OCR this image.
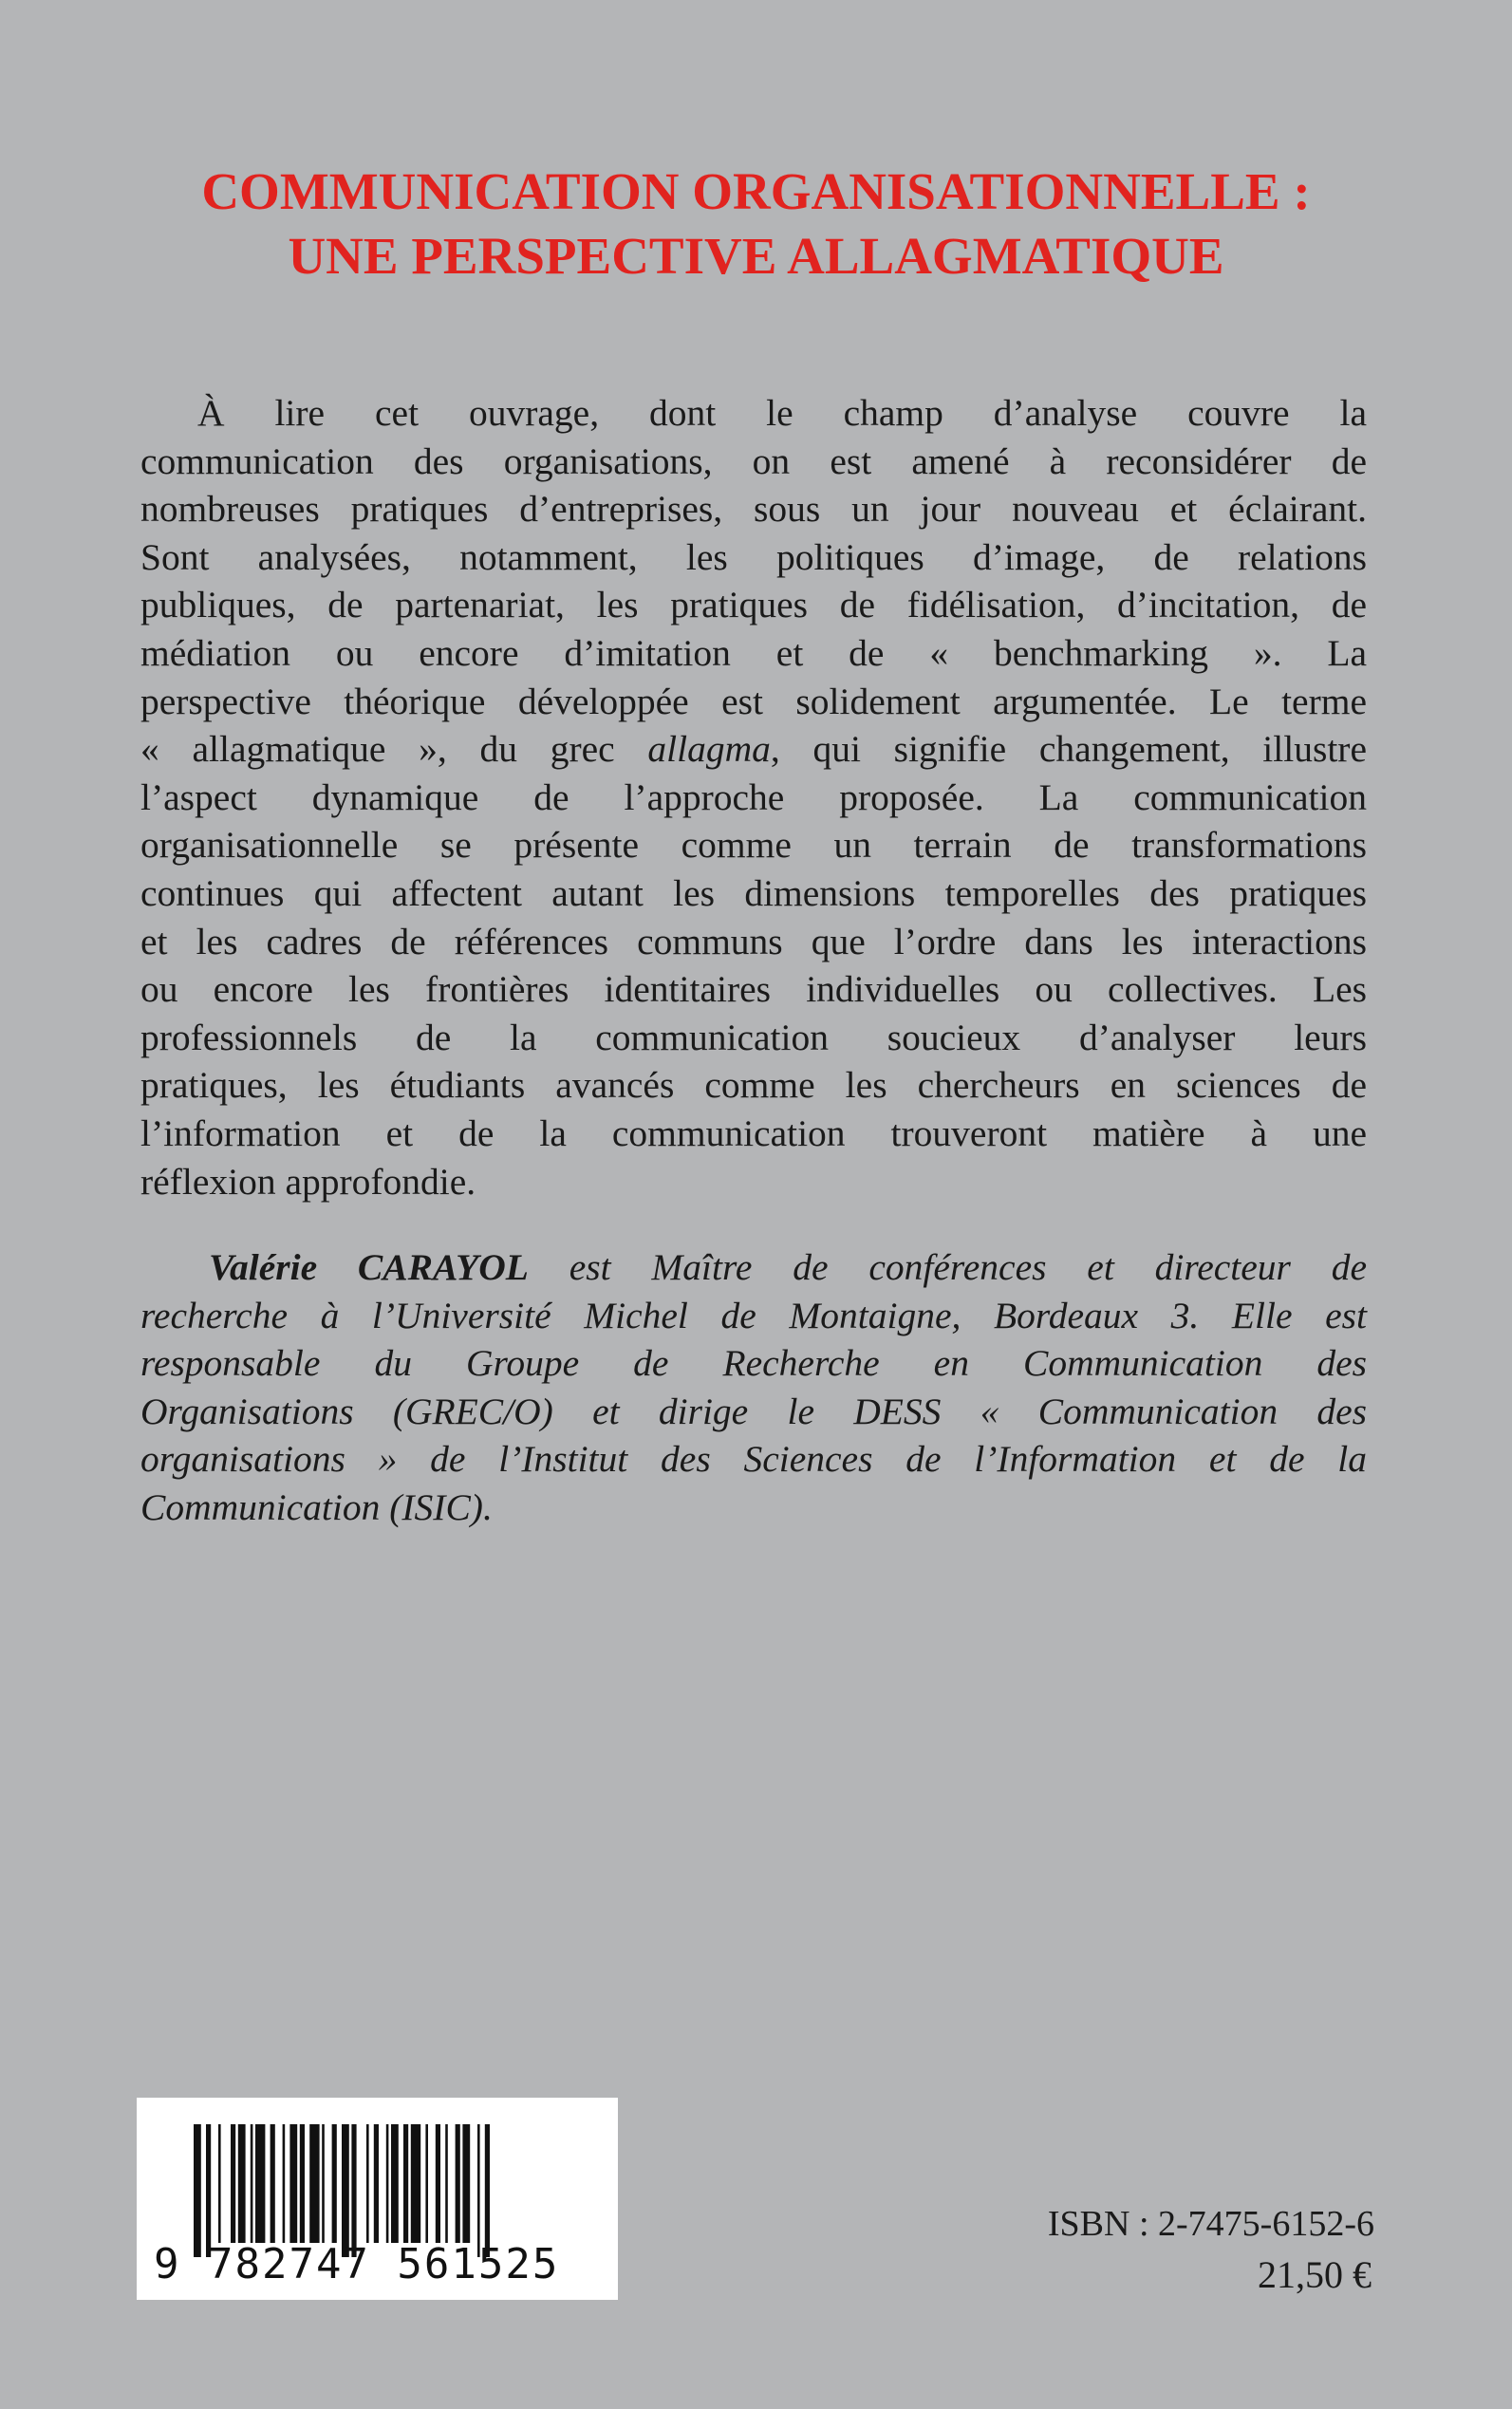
COMMUNICATION ORGANISATIONNELLE :
UNE PERSPECTIVE ALLAGMATIQUE
À lire cet ouvrage, dont le champ d’analyse couvre la
communication des organisations, on est amené à reconsidérer de
nombreuses pratiques d’entreprises, sous un jour nouveau et éclairant.
Sont analysées, notamment, les politiques d’image, de relations
publiques, de partenariat, les pratiques de fidélisation, d’incitation, de
médiation ou encore d’imitation et de « benchmarking ». La
perspective théorique développée est solidement argumentée. Le terme
« allagmatique », du grec allagma, qui signifie changement, illustre
l’aspect dynamique de l’approche proposée. La communication
organisationnelle se présente comme un terrain de transformations
continues qui affectent autant les dimensions temporelles des pratiques
et les cadres de références communs que l’ordre dans les interactions
ou encore les frontières identitaires individuelles ou collectives. Les
professionnels de la communication soucieux d’analyser leurs
pratiques, les étudiants avancés comme les chercheurs en sciences de
l’information et de la communication trouveront matière à une
réflexion approfondie.
Valérie CARAYOL est Maître de conférences et directeur de
recherche à l’Université Michel de Montaigne, Bordeaux 3. Elle est
responsable du Groupe de Recherche en Communication des
Organisations (GREC/O) et dirige le DESS « Communication des
organisations » de l’Institut des Sciences de l’Information et de la
Communication (ISIC).
9 782747 561525
ISBN : 2-7475-6152-6
21,50 €
